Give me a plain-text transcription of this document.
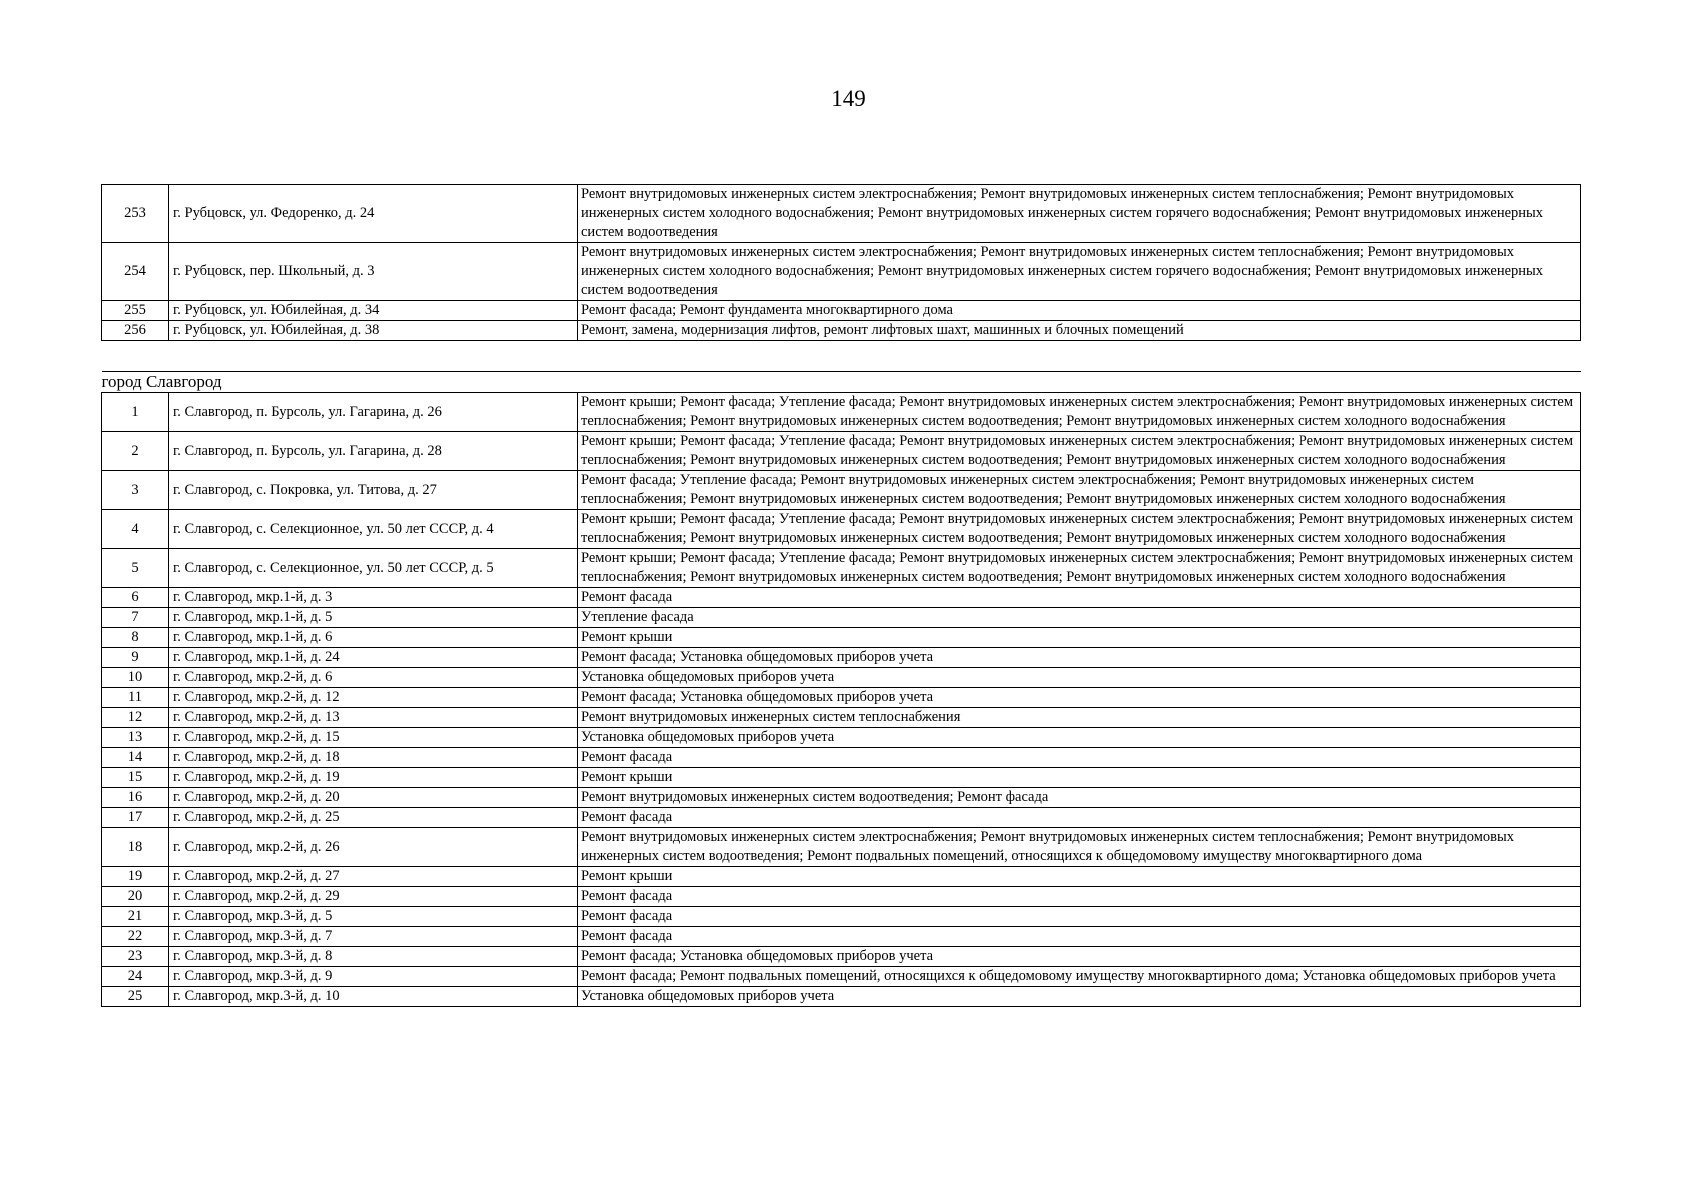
149
253	г. Рубцовск, ул. Федоренко, д. 24	Ремонт внутридомовых инженерных систем электроснабжения; Ремонт внутридомовых инженерных систем теплоснабжения; Ремонт внутридомовых инженерных систем холодного водоснабжения; Ремонт внутридомовых инженерных систем горячего водоснабжения; Ремонт внутридомовых инженерных систем водоотведения
254	г. Рубцовск, пер. Школьный, д. 3	Ремонт внутридомовых инженерных систем электроснабжения; Ремонт внутридомовых инженерных систем теплоснабжения; Ремонт внутридомовых инженерных систем холодного водоснабжения; Ремонт внутридомовых инженерных систем горячего водоснабжения; Ремонт внутридомовых инженерных систем водоотведения
255	г. Рубцовск, ул. Юбилейная, д. 34	Ремонт фасада; Ремонт фундамента многоквартирного дома
256	г. Рубцовск, ул. Юбилейная, д. 38	Ремонт, замена, модернизация лифтов, ремонт лифтовых шахт, машинных и блочных помещений

город Славгород		
1	г. Славгород, п. Бурсоль, ул. Гагарина, д. 26	Ремонт крыши; Ремонт фасада; Утепление фасада; Ремонт внутридомовых инженерных систем электроснабжения; Ремонт внутридомовых инженерных систем теплоснабжения; Ремонт внутридомовых инженерных систем водоотведения; Ремонт внутридомовых инженерных систем холодного водоснабжения
2	г. Славгород, п. Бурсоль, ул. Гагарина, д. 28	Ремонт крыши; Ремонт фасада; Утепление фасада; Ремонт внутридомовых инженерных систем электроснабжения; Ремонт внутридомовых инженерных систем теплоснабжения; Ремонт внутридомовых инженерных систем водоотведения; Ремонт внутридомовых инженерных систем холодного водоснабжения
3	г. Славгород, с. Покровка, ул. Титова, д. 27	Ремонт фасада; Утепление фасада; Ремонт внутридомовых инженерных систем электроснабжения; Ремонт внутридомовых инженерных систем теплоснабжения; Ремонт внутридомовых инженерных систем водоотведения; Ремонт внутридомовых инженерных систем холодного водоснабжения
4	г. Славгород, с. Селекционное, ул. 50 лет СССР, д. 4	Ремонт крыши; Ремонт фасада; Утепление фасада; Ремонт внутридомовых инженерных систем электроснабжения; Ремонт внутридомовых инженерных систем теплоснабжения; Ремонт внутридомовых инженерных систем водоотведения; Ремонт внутридомовых инженерных систем холодного водоснабжения
5	г. Славгород, с. Селекционное, ул. 50 лет СССР, д. 5	Ремонт крыши; Ремонт фасада; Утепление фасада; Ремонт внутридомовых инженерных систем электроснабжения; Ремонт внутридомовых инженерных систем теплоснабжения; Ремонт внутридомовых инженерных систем водоотведения; Ремонт внутридомовых инженерных систем холодного водоснабжения
6	г. Славгород, мкр.1-й, д. 3	Ремонт фасада
7	г. Славгород, мкр.1-й, д. 5	Утепление фасада
8	г. Славгород, мкр.1-й, д. 6	Ремонт крыши
9	г. Славгород, мкр.1-й, д. 24	Ремонт фасада; Установка общедомовых приборов учета
10	г. Славгород, мкр.2-й, д. 6	Установка общедомовых приборов учета
11	г. Славгород, мкр.2-й, д. 12	Ремонт фасада; Установка общедомовых приборов учета
12	г. Славгород, мкр.2-й, д. 13	Ремонт внутридомовых инженерных систем теплоснабжения
13	г. Славгород, мкр.2-й, д. 15	Установка общедомовых приборов учета
14	г. Славгород, мкр.2-й, д. 18	Ремонт фасада
15	г. Славгород, мкр.2-й, д. 19	Ремонт крыши
16	г. Славгород, мкр.2-й, д. 20	Ремонт внутридомовых инженерных систем водоотведения; Ремонт фасада
17	г. Славгород, мкр.2-й, д. 25	Ремонт фасада
18	г. Славгород, мкр.2-й, д. 26	Ремонт внутридомовых инженерных систем электроснабжения; Ремонт внутридомовых инженерных систем теплоснабжения; Ремонт внутридомовых инженерных систем водоотведения; Ремонт подвальных помещений, относящихся к общедомовому имуществу многоквартирного дома
19	г. Славгород, мкр.2-й, д. 27	Ремонт крыши
20	г. Славгород, мкр.2-й, д. 29	Ремонт фасада
21	г. Славгород, мкр.3-й, д. 5	Ремонт фасада
22	г. Славгород, мкр.3-й, д. 7	Ремонт фасада
23	г. Славгород, мкр.3-й, д. 8	Ремонт фасада; Установка общедомовых приборов учета
24	г. Славгород, мкр.3-й, д. 9	Ремонт фасада; Ремонт подвальных помещений, относящихся к общедомовому имуществу многоквартирного дома; Установка общедомовых приборов учета
25	г. Славгород, мкр.3-й, д. 10	Установка общедомовых приборов учета
